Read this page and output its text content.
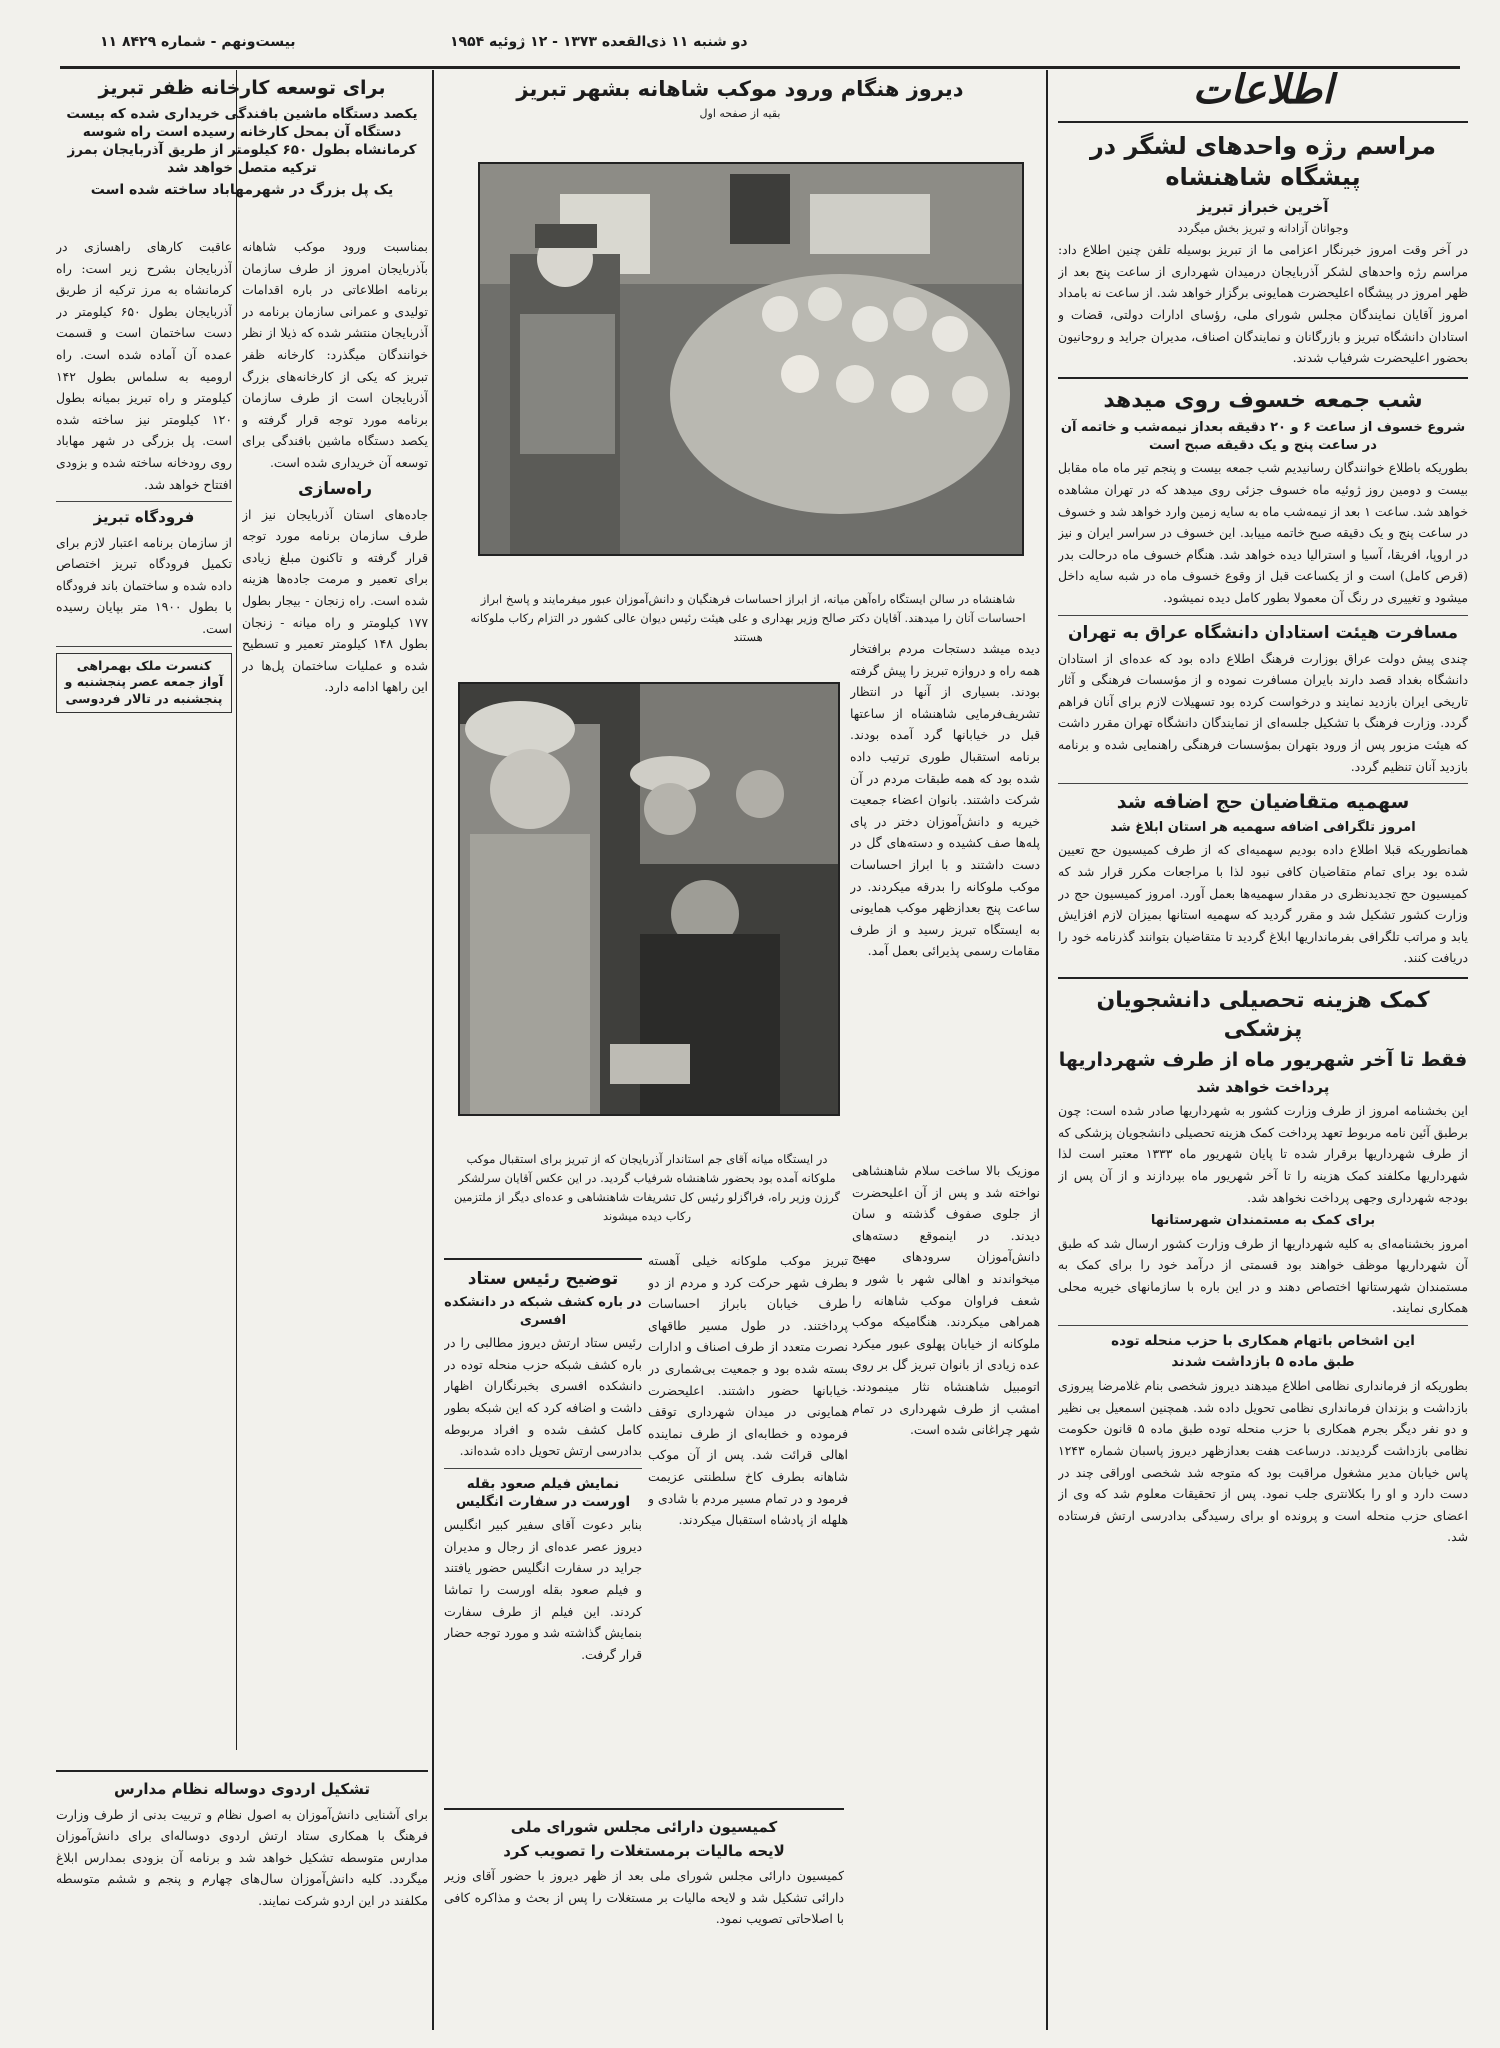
۱۱ بیست‌ونهم - شماره ۸۴۲۹	دو شنبه ۱۱ ذی‌القعده ۱۳۷۳ - ۱۲ ژوئیه ۱۹۵۴
اطلاعات
مراسم رژه واحدهای لشگر در پیشگاه شاهنشاه
آخرین خبراز تبریز
وجوانان آزادانه و تبریز بخش میگردد

در آخر وقت امروز خبرنگار اعزامی ما از تبریز بوسیله تلفن چنین اطلاع داد: مراسم رژه واحدهای لشکر آذربایجان درمیدان شهرداری از ساعت پنج بعد از ظهر امروز در پیشگاه اعلیحضرت همایونی برگزار خواهد شد. از ساعت نه بامداد امروز آقایان نمایندگان مجلس شورای ملی، رؤسای ادارات دولتی، قضات و استادان دانشگاه تبریز و بازرگانان و نمایندگان اصناف، مدیران جراید و روحانیون بحضور اعلیحضرت شرفیاب شدند.

شب جمعه خسوف روی میدهد
شروع خسوف از ساعت ۶ و ۲۰ دقیقه بعداز نیمه‌شب و خاتمه آن در ساعت پنج و یک دقیقه صبح است

بطوریکه باطلاع خوانندگان رسانیدیم شب جمعه بیست و پنجم تیر ماه ماه مقابل بیست و دومین روز ژوئیه ماه خسوف جزئی روی میدهد که در تهران مشاهده خواهد شد. ساعت ۱ بعد از نیمه‌شب ماه به سایه زمین وارد خواهد شد و خسوف در ساعت پنج و یک دقیقه صبح خاتمه مییابد. این خسوف در سراسر ایران و نیز در اروپا، افریقا، آسیا و استرالیا دیده خواهد شد. هنگام خسوف ماه درحالت بدر (قرص کامل) است و از یکساعت قبل از وقوع خسوف ماه در شبه سایه داخل میشود و تغییری در رنگ آن معمولا بطور کامل دیده نمیشود.

مسافرت هیئت استادان دانشگاه عراق به تهران

چندی پیش دولت عراق بوزارت فرهنگ اطلاع داده بود که عده‌ای از استادان دانشگاه بغداد قصد دارند بایران مسافرت نموده و از مؤسسات فرهنگی و آثار تاریخی ایران بازدید نمایند و درخواست کرده بود تسهیلات لازم برای آنان فراهم گردد. وزارت فرهنگ با تشکیل جلسه‌ای از نمایندگان دانشگاه تهران مقرر داشت که هیئت مزبور پس از ورود بتهران بمؤسسات فرهنگی راهنمایی شده و برنامه بازدید آنان تنظیم گردد.

سهمیه متقاضیان حج اضافه شد
امروز تلگرافی اضافه سهمیه هر استان ابلاغ شد

همانطوریکه قبلا اطلاع داده بودیم سهمیه‌ای که از طرف کمیسیون حج تعیین شده بود برای تمام متقاضیان کافی نبود لذا با مراجعات مکرر قرار شد که کمیسیون حج تجدیدنظری در مقدار سهمیه‌ها بعمل آورد. امروز کمیسیون حج در وزارت کشور تشکیل شد و مقرر گردید که سهمیه استانها بمیزان لازم افزایش یابد و مراتب تلگرافی بفرمانداریها ابلاغ گردید تا متقاضیان بتوانند گذرنامه خود را دریافت کنند.

کمک هزینه تحصیلی دانشجویان پزشکی
فقط تا آخر شهریور ماه از طرف شهرداریها
پرداخت خواهد شد

این بخشنامه امروز از طرف وزارت کشور به شهرداریها صادر شده است: چون برطبق آئین نامه مربوط تعهد پرداخت کمک هزینه تحصیلی دانشجویان پزشکی که از طرف شهرداریها برقرار شده تا پایان شهریور ماه ۱۳۳۳ معتبر است لذا شهرداریها مکلفند کمک هزینه را تا آخر شهریور ماه بپردازند و از آن پس از بودجه شهرداری وجهی پرداخت نخواهد شد.

برای کمک به مستمندان شهرستانها

امروز بخشنامه‌ای به کلیه شهرداریها از طرف وزارت کشور ارسال شد که طبق آن شهرداریها موظف خواهند بود قسمتی از درآمد خود را برای کمک به مستمندان شهرستانها اختصاص دهند و در این باره با سازمانهای خیریه محلی همکاری نمایند.

این اشخاص باتهام همکاری با حزب منحله توده
طبق ماده ۵ بازداشت شدند

بطوریکه از فرمانداری نظامی اطلاع میدهند دیروز شخصی بنام غلامرضا پیروزی بازداشت و بزندان فرمانداری نظامی تحویل داده شد. همچنین اسمعیل بی نظیر و دو نفر دیگر بجرم همکاری با حزب منحله توده طبق ماده ۵ قانون حکومت نظامی بازداشت گردیدند. درساعت هفت بعدازظهر دیروز پاسبان شماره ۱۲۴۳ پاس خیابان مدیر مشغول مراقبت بود که متوجه شد شخصی اوراقی چند در دست دارد و او را بکلانتری جلب نمود. پس از تحقیقات معلوم شد که وی از اعضای حزب منحله است و پرونده او برای رسیدگی بدادرسی ارتش فرستاده شد.

دیروز هنگام ورود موکب شاهانه بشهر تبریز
بقیه از صفحه اول
شاهنشاه در سالن ایستگاه راه‌آهن میانه، از ابراز احساسات فرهنگیان و دانش‌آموزان عبور میفرمایند و پاسخ ابراز احساسات آنان را میدهند. آقایان دکتر صالح وزیر بهداری و علی هیئت رئیس دیوان عالی کشور در التزام رکاب ملوکانه هستند

دیده میشد دستجات مردم برافتخار همه راه و دروازه تبریز را پیش گرفته بودند. بسیاری از آنها در انتظار تشریف‌فرمایی شاهنشاه از ساعتها قبل در خیابانها گرد آمده بودند. برنامه استقبال طوری ترتیب داده شده بود که همه طبقات مردم در آن شرکت داشتند. بانوان اعضاء جمعیت خیریه و دانش‌آموزان دختر در پای پله‌ها صف کشیده و دسته‌های گل در دست داشتند و با ابراز احساسات موکب ملوکانه را بدرقه میکردند. در ساعت پنج بعدازظهر موکب همایونی به ایستگاه تبریز رسید و از طرف مقامات رسمی پذیرائی بعمل آمد.

در ایستگاه میانه آقای جم استاندار آذربایجان که از تبریز برای استقبال موکب ملوکانه آمده بود بحضور شاهنشاه شرفیاب گردید. در این عکس آقایان سرلشکر گرزن وزیر راه، فراگزلو رئیس کل تشریفات شاهنشاهی و عده‌ای دیگر از ملتزمین رکاب دیده میشوند

تبریز موکب ملوکانه خیلی آهسته بطرف شهر حرکت کرد و مردم از دو طرف خیابان بابراز احساسات پرداختند. در طول مسیر طاقهای نصرت متعدد از طرف اصناف و ادارات بسته شده بود و جمعیت بی‌شماری در خیابانها حضور داشتند. اعلیحضرت همایونی در میدان شهرداری توقف فرموده و خطابه‌ای از طرف نماینده اهالی قرائت شد. پس از آن موکب شاهانه بطرف کاخ سلطنتی عزیمت فرمود و در تمام مسیر مردم با شادی و هلهله از پادشاه استقبال میکردند.

موزیک بالا ساخت سلام شاهنشاهی نواخته شد و پس از آن اعلیحضرت از جلوی صفوف گذشته و سان دیدند. در اینموقع دسته‌های دانش‌آموزان سرودهای مهیج میخواندند و اهالی شهر با شور و شعف فراوان موکب شاهانه را همراهی میکردند. هنگامیکه موکب ملوکانه از خیابان پهلوی عبور میکرد عده زیادی از بانوان تبریز گل بر روی اتومبیل شاهنشاه نثار مینمودند. امشب از طرف شهرداری در تمام شهر چراغانی شده است.

توضیح رئیس ستاد
در باره کشف شبکه در دانشکده افسری

رئیس ستاد ارتش دیروز مطالبی را در باره کشف شبکه حزب منحله توده در دانشکده افسری بخبرنگاران اظهار داشت و اضافه کرد که این شبکه بطور کامل کشف شده و افراد مربوطه بدادرسی ارتش تحویل داده شده‌اند.

نمایش فیلم صعود بقله اورست در سفارت انگلیس

بنابر دعوت آقای سفیر کبیر انگلیس دیروز عصر عده‌ای از رجال و مدیران جراید در سفارت انگلیس حضور یافتند و فیلم صعود بقله اورست را تماشا کردند. این فیلم از طرف سفارت بنمایش گذاشته شد و مورد توجه حضار قرار گرفت.

کمیسیون دارائی مجلس شورای ملی
لایحه مالیات برمستغلات را تصویب کرد

کمیسیون دارائی مجلس شورای ملی بعد از ظهر دیروز با حضور آقای وزیر دارائی تشکیل شد و لایحه مالیات بر مستغلات را پس از بحث و مذاکره کافی با اصلاحاتی تصویب نمود.

برای توسعه کارخانه ظفر تبریز
یکصد دستگاه ماشین بافندگی خریداری شده که بیست دستگاه آن بمحل کارخانه رسیده است راه شوسه کرمانشاه بطول ۶۵۰ کیلومتر از طریق آذربایجان بمرز ترکیه متصل خواهد شد
یک پل بزرگ در شهرمهاباد ساخته شده است

بمناسبت ورود موکب شاهانه بآذربایجان امروز از طرف سازمان برنامه اطلاعاتی در باره اقدامات تولیدی و عمرانی سازمان برنامه در آذربایجان منتشر شده که ذیلا از نظر خوانندگان میگذرد: کارخانه ظفر تبریز که یکی از کارخانه‌های بزرگ آذربایجان است از طرف سازمان برنامه مورد توجه قرار گرفته و یکصد دستگاه ماشین بافندگی برای توسعه آن خریداری شده است.

راه‌سازی

جاده‌های استان آذربایجان نیز از طرف سازمان برنامه مورد توجه قرار گرفته و تاکنون مبلغ زیادی برای تعمیر و مرمت جاده‌ها هزینه شده است. راه زنجان - بیجار بطول ۱۷۷ کیلومتر و راه میانه - زنجان بطول ۱۴۸ کیلومتر تعمیر و تسطیح شده و عملیات ساختمان پل‌ها در این راهها ادامه دارد.

عاقبت کارهای راهسازی در آذربایجان بشرح زیر است: راه کرمانشاه به مرز ترکیه از طریق آذربایجان بطول ۶۵۰ کیلومتر در دست ساختمان است و قسمت عمده آن آماده شده است. راه ارومیه به سلماس بطول ۱۴۲ کیلومتر و راه تبریز بمیانه بطول ۱۲۰ کیلومتر نیز ساخته شده است. پل بزرگی در شهر مهاباد روی رودخانه ساخته شده و بزودی افتتاح خواهد شد.

فرودگاه تبریز

از سازمان برنامه اعتبار لازم برای تکمیل فرودگاه تبریز اختصاص داده شده و ساختمان باند فرودگاه با بطول ۱۹۰۰ متر بپایان رسیده است.

کنسرت ملک بهمراهی آواز جمعه عصر پنجشنبه و پنجشنبه در تالار فردوسی
تشکیل اردوی دوساله نظام مدارس

برای آشنایی دانش‌آموزان به اصول نظام و تربیت بدنی از طرف وزارت فرهنگ با همکاری ستاد ارتش اردوی دوساله‌ای برای دانش‌آموزان مدارس متوسطه تشکیل خواهد شد و برنامه آن بزودی بمدارس ابلاغ میگردد. کلیه دانش‌آموزان سال‌های چهارم و پنجم و ششم متوسطه مکلفند در این اردو شرکت نمایند.
